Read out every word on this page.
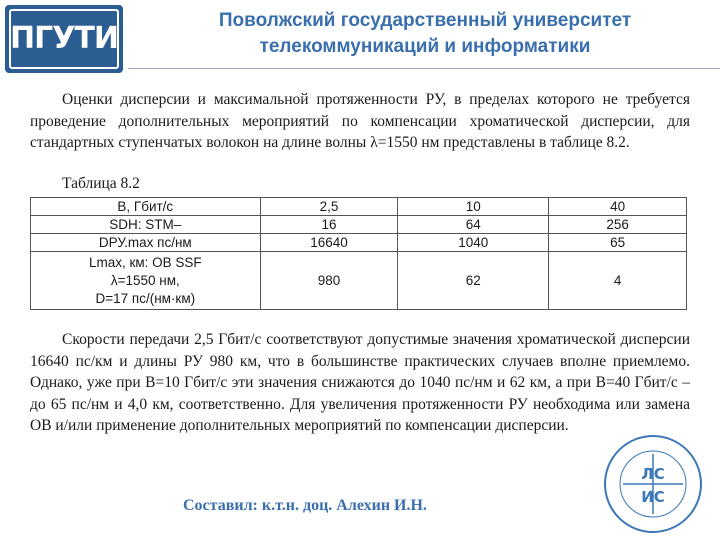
ПГУТИ
Поволжский государственный университет
телекоммуникаций и информатики
Оценки дисперсии и максимальной протяженности РУ, в пределах которого не требуется проведение дополнительных мероприятий по компенсации хроматической дисперсии, для стандартных ступенчатых волокон на длине волны λ=1550 нм представлены в таблице 8.2.
Таблица 8.2
B, Гбит/с	2,5	10	40
SDH: STM–	16	64	256
DРУ.max пс/нм	16640	1040	65

Lmax, км: OB SSF
λ=1550 нм,
D=17 пс/(нм·км)	980	62	4
Скорости передачи 2,5 Гбит/с соответствуют допустимые значения хроматической дисперсии 16640 пс/км и длины РУ 980 км, что в большинстве практических случаев вполне приемлемо. Однако, уже при В=10 Гбит/с эти значения снижаются до 1040 пс/нм и 62 км, а при В=40 Гбит/с – до 65 пс/нм и 4,0 км, соответственно. Для увеличения протяженности РУ необходима или замена ОВ и/или применение дополнительных мероприятий по компенсации дисперсии.
Составил: к.т.н. доц. Алехин И.Н.
ЛС
ИС
